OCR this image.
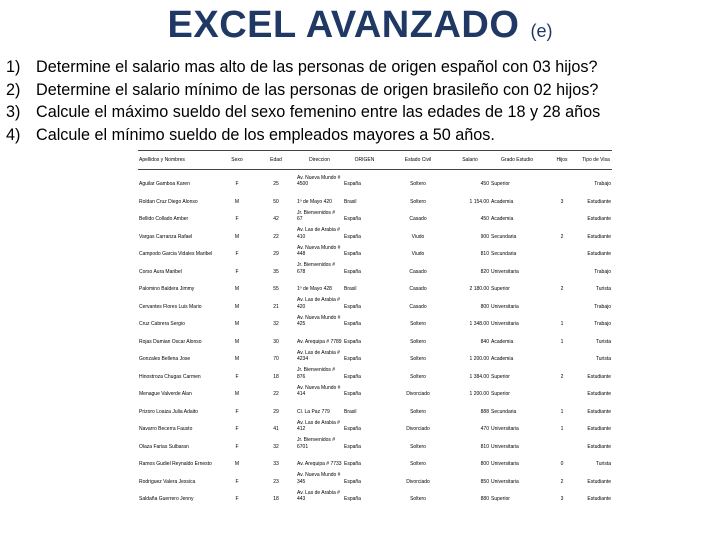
EXCEL AVANZADO (e)
1) Determine el salario mas alto de las personas de origen español con 03 hijos?
2) Determine el salario mínimo de las personas de origen brasileño con 02 hijos?
3) Calcule el máximo sueldo del sexo femenino entre las edades de 18 y 28 años
4) Calcule el mínimo sueldo de los empleados mayores a 50 años.
Apellidos y Nombres	Sexo	Edad	Direccion	ORIGEN	Estado Civil	Salario	Grado Estudio	Hijos	Tipo de Visa
Aguilar Gamboa Karen	F	25	Av. Nueva Mundo # 4500	España	Soltero	450	Superior		Trabajo
Roldan Cruz Diego Alonso	M	50	1º de Mayo 420	Brasil	Soltero	1 154.00	Academia	3	Estudiante
Bellido Collado Amber	F	42	Jr. Bienvenidos # 67	España	Casado	450	Academia		Estudiante
Vargas Carranza Rafael	M	22	Av. Las de Arabia # 410	España	Viudo	900	Secundaria	2	Estudiante
Campodo Garcia Vidales Maribel	F	29	Av. Nueva Mundo # 448	España	Viudo	810	Secundaria		Estudiante
Corso Aura Maribel	F	35	Jr. Bienvenidos # 678	España	Casado	820	Universitaria		Trabajo
Palomino Baldera Jimmy	M	55	1º de Mayo 428	Brasil	Casado	2 180.00	Superior	2	Turista
Cervantes Flores Luis Mario	M	21	Av. Las de Arabia # 420	España	Casado	800	Universitaria		Trabajo
Cruz Cabrera Sergio	M	32	Av. Nueva Mundo # 425	España	Soltero	1 348.00	Universitaria	1	Trabajo
Rojas Damian Oscar Alonso	M	30	Av. Arequipa # 7789	España	Soltero	840	Academia	1	Turista
Gonzales Bellena Jose	M	70	Av. Las de Arabia # 4234	España	Soltero	1 200.00	Academia		Turista
Hinostroza Chugas Carmen	F	18	Jr. Bienvenidos # 876	España	Soltero	1 384.00	Superior	2	Estudiante
Menague Valverde Alan	M	22	Av. Nueva Mundo # 414	España	Divorciado	1 200.00	Superior		Estudiante
Prizoro Loaiza Julia Adaito	F	29	Cl. La Paz 779	Brasil	Soltero	888	Secundaria	1	Estudiante
Navarro Becerra Fausto	F	41	Av. Las de Arabia # 412	España	Divorciado	470	Universitaria	1	Estudiante
Olaza Farias Sulbaran	F	32	Jr. Bienvenidos # 6701	España	Soltero	810	Universitaria		Estudiante
Ramos Gudiel Reynaldo Ernesto	M	33	Av. Arequipa # 7733	España	Soltero	800	Universitaria	0	Turista
Rodriguez Valera Jessica	F	23	Av. Nueva Mundo # 345	España	Divorciado	850	Universitaria	2	Estudiante
Saldaña Guerrero Jenny	F	18	Av. Las de Arabia # 443	España	Soltero	880	Superior	3	Estudiante
